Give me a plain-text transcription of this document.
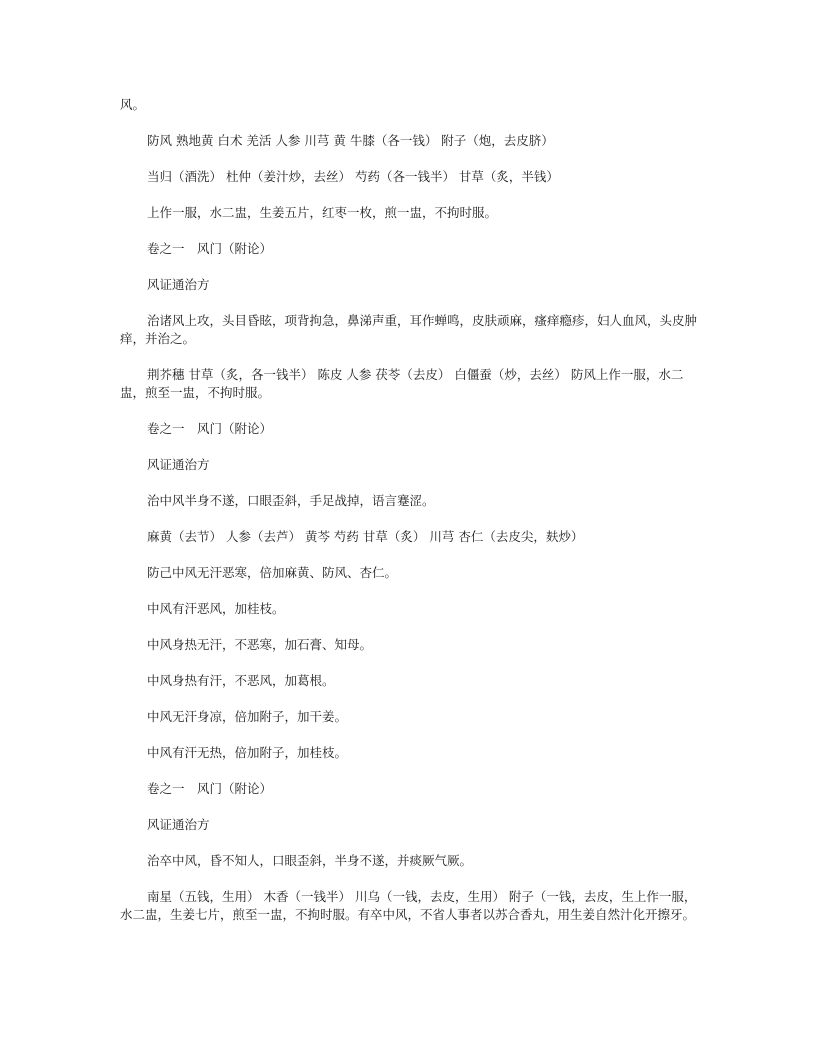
风。

防风 熟地黄 白术 羌活 人参 川芎 黄 牛膝（各一钱） 附子（炮，去皮脐）

当归（酒洗） 杜仲（姜汁炒，去丝） 芍药（各一钱半） 甘草（炙，半钱）

上作一服，水二盅，生姜五片，红枣一枚，煎一盅，不拘时服。

卷之一　风门（附论）

风证通治方

治诸风上攻，头目昏眩，项背拘急，鼻涕声重，耳作蝉鸣，皮肤顽麻，瘙痒瘾疹，妇人血风，头皮肿痒，并治之。

荆芥穗 甘草（炙，各一钱半） 陈皮 人参 茯苓（去皮） 白僵蚕（炒，去丝） 防风上作一服，水二盅，煎至一盅，不拘时服。

卷之一　风门（附论）

风证通治方

治中风半身不遂，口眼歪斜，手足战掉，语言蹇涩。

麻黄（去节） 人参（去芦） 黄芩 芍药 甘草（炙） 川芎 杏仁（去皮尖，麸炒）

防己中风无汗恶寒，倍加麻黄、防风、杏仁。

中风有汗恶风，加桂枝。

中风身热无汗，不恶寒，加石膏、知母。

中风身热有汗，不恶风，加葛根。

中风无汗身凉，倍加附子，加干姜。

中风有汗无热，倍加附子，加桂枝。

卷之一　风门（附论）

风证通治方

治卒中风，昏不知人，口眼歪斜，半身不遂，并痰厥气厥。

南星（五钱，生用） 木香（一钱半） 川乌（一钱，去皮，生用） 附子（一钱，去皮，生上作一服，水二盅，生姜七片，煎至一盅，不拘时服。有卒中风，不省人事者以苏合香丸，用生姜自然汁化开擦牙。
